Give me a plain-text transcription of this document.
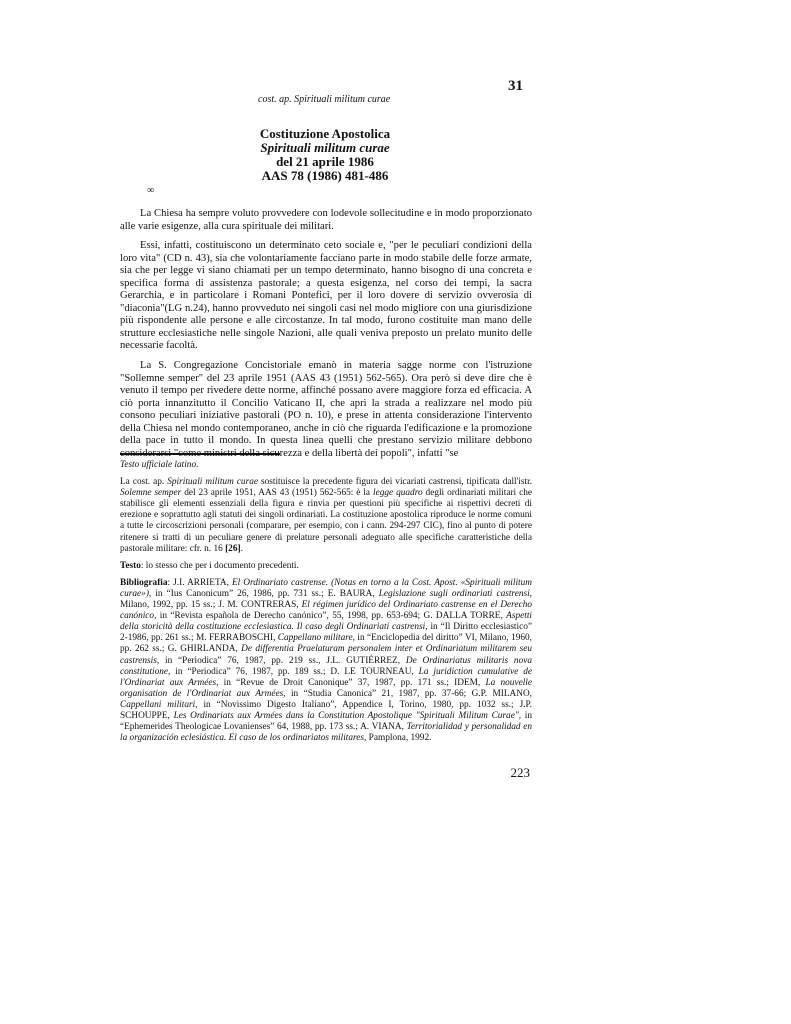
31
cost. ap. Spirituali militum curae
Costituzione Apostolica
Spirituali militum curae
del 21 aprile 1986
AAS 78 (1986) 481-486
∞

La Chiesa ha sempre voluto provvedere con lodevole sollecitudine e in modo proporzionato alle varie esigenze, alla cura spirituale dei militari.

Essi, infatti, costituiscono un determinato ceto sociale e, "per le peculiari condizioni della loro vita" (CD n. 43), sia che volontariamente facciano parte in modo stabile delle forze armate, sia che per legge vi siano chiamati per un tempo determinato, hanno bisogno di una concreta e specifica forma di assistenza pastorale; a questa esigenza, nel corso dei tempi, la sacra Gerarchia, e in particolare i Romani Pontefici, per il loro dovere di servizio ovverosia di "diaconia"(LG n.24), hanno provveduto nei singoli casi nel modo migliore con una giurisdizione più rispondente alle persone e alle circostanze. In tal modo, furono costituite man mano delle strutture ecclesiastiche nelle singole Nazioni, alle quali veniva preposto un prelato munito delle necessarie facoltà.

La S. Congregazione Concistoriale emanò in materia sagge norme con l'istruzione "Sollemne semper" del 23 aprile 1951 (AAS 43 (1951) 562-565). Ora però si deve dire che è venuto il tempo per rivedere dette norme, affinché possano avere maggiore forza ed efficacia. A ciò porta innanzitutto il Concilio Vaticano II, che aprì la strada a realizzare nel modo più consono peculiari iniziative pastorali (PO n. 10), e prese in attenta considerazione l'intervento della Chiesa nel mondo contemporaneo, anche in ciò che riguarda l'edificazione e la promozione della pace in tutto il mondo. In questa linea quelli che prestano servizio militare debbono considerarsi "come ministri della sicurezza e della libertà dei popoli", infatti "se

Testo ufficiale latino.

La cost. ap. Spirituali militum curae sostituisce la precedente figura dei vicariati castrensi, tipificata dall'istr. Solemne semper del 23 aprile 1951, AAS 43 (1951) 562-565: è la legge quadro degli ordinariati militari che stabilisce gli elementi essenziali della figura e rinvia per questioni più specifiche ai rispettivi decreti di erezione e soprattutto agli statuti dei singoli ordinariati. La costituzione apostolica riproduce le norme comuni a tutte le circoscrizioni personali (comparare, per esempio, con i cann. 294-297 CIC), fino al punto di potere ritenere si tratti di un peculiare genere di prelature personali adeguato alle specifiche caratteristiche della pastorale militare: cfr. n. 16 [26].

Testo: lo stesso che per i documento precedenti.

Bibliografia: J.I. ARRIETA, El Ordinariato castrense. (Notas en torno a la Cost. Apost. «Spirituali militum curae»), in “Ius Canonicum” 26, 1986, pp. 731 ss.; E. BAURA, Legislazione sugli ordinariati castrensi, Milano, 1992, pp. 15 ss.; J. M. CONTRERAS, El régimen jurídico del Ordinariato castrense en el Derecho canónico, in “Revista española de Derecho canónico”, 55, 1998, pp. 653-694; G. DALLA TORRE, Aspetti della storicità della costituzione ecclesiastica. Il caso degli Ordinariati castrensi, in “Il Diritto ecclesiastico” 2-1986, pp. 261 ss.; M. FERRABOSCHI, Cappellano militare, in “Enciclopedia del diritto” VI, Milano, 1960, pp. 262 ss.; G. GHIRLANDA, De differentia Praelaturam personalem inter et Ordinariatum militarem seu castrensis, in “Periodica” 76, 1987, pp. 219 ss., J.L. GUTIÉRREZ, De Ordinariatus militaris nova constitutione, in “Periodica” 76, 1987, pp. 189 ss.; D. LE TOURNEAU, La juridiction cumulative de l'Ordinariat aux Armées, in “Revue de Droit Canonique” 37, 1987, pp. 171 ss.; IDEM, La nouvelle organisation de l'Ordinariat aux Armées, in “Studia Canonica” 21, 1987, pp. 37-66; G.P. MILANO, Cappellani militari, in “Novissimo Digesto Italiano”, Appendice I, Torino, 1980, pp. 1032 ss.; J.P. SCHOUPPE, Les Ordinariats aux Armées dans la Constitution Apostolique "Spirituali Militum Curae", in “Ephemerides Theologicae Lovanienses” 64, 1988, pp. 173 ss.; A. VIANA, Territorialidad y personalidad en la organización eclesiástica. El caso de los ordinariatos militares, Pamplona, 1992.

223
